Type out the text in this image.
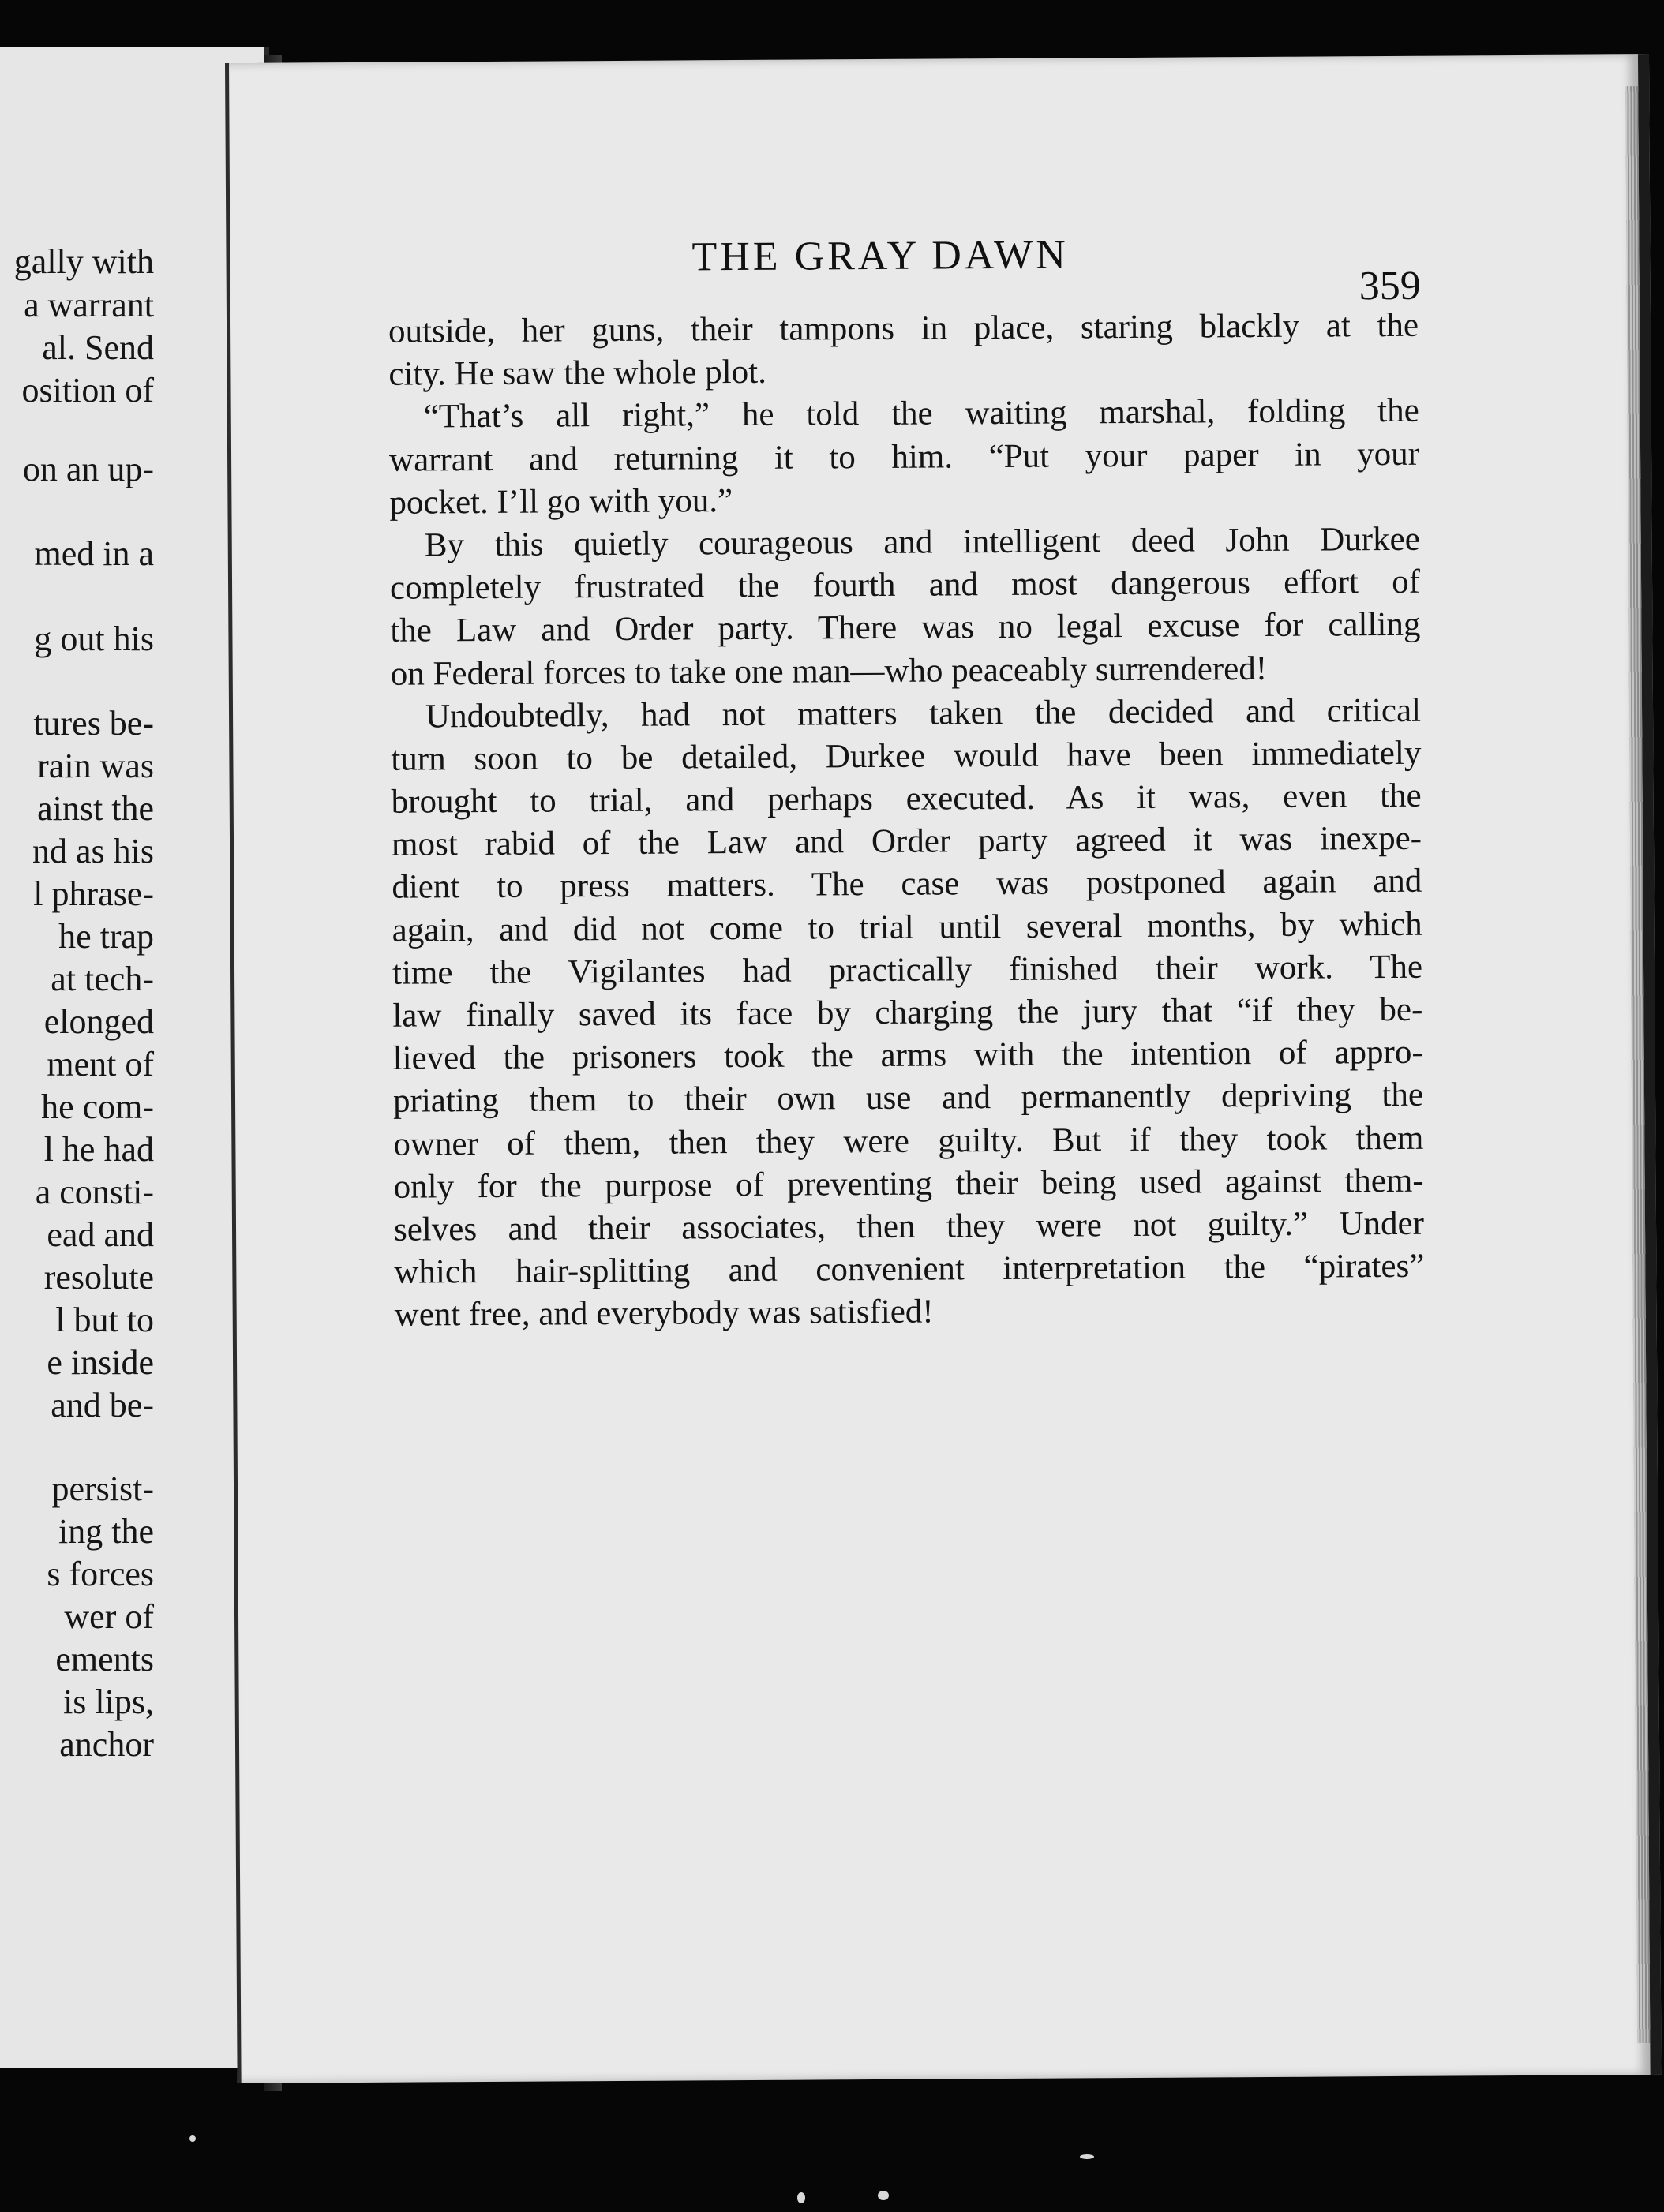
gally with
a warrant
al. Send
osition of
on an up-
med in a
g out his
tures be-
rain was
ainst the
nd as his
l phrase-
he trap
at tech-
elonged
ment of
he com-
l he had
a consti-
ead and
resolute
l but to
e inside
and be-
persist-
ing the
s forces
wer of
ements
is lips,
anchor
THE GRAY DAWN
359
outside, her guns, their tampons in place, staring blackly at the
city. He saw the whole plot.
“That’s all right,” he told the waiting marshal, folding the
warrant and returning it to him. “Put your paper in your
pocket. I’ll go with you.”
By this quietly courageous and intelligent deed John Durkee
completely frustrated the fourth and most dangerous effort of
the Law and Order party. There was no legal excuse for calling
on Federal forces to take one man—who peaceably surrendered!
Undoubtedly, had not matters taken the decided and critical
turn soon to be detailed, Durkee would have been immediately
brought to trial, and perhaps executed. As it was, even the
most rabid of the Law and Order party agreed it was inexpe-
dient to press matters. The case was postponed again and
again, and did not come to trial until several months, by which
time the Vigilantes had practically finished their work. The
law finally saved its face by charging the jury that “if they be-
lieved the prisoners took the arms with the intention of appro-
priating them to their own use and permanently depriving the
owner of them, then they were guilty. But if they took them
only for the purpose of preventing their being used against them-
selves and their associates, then they were not guilty.” Under
which hair-splitting and convenient interpretation the “pirates”
went free, and everybody was satisfied!
